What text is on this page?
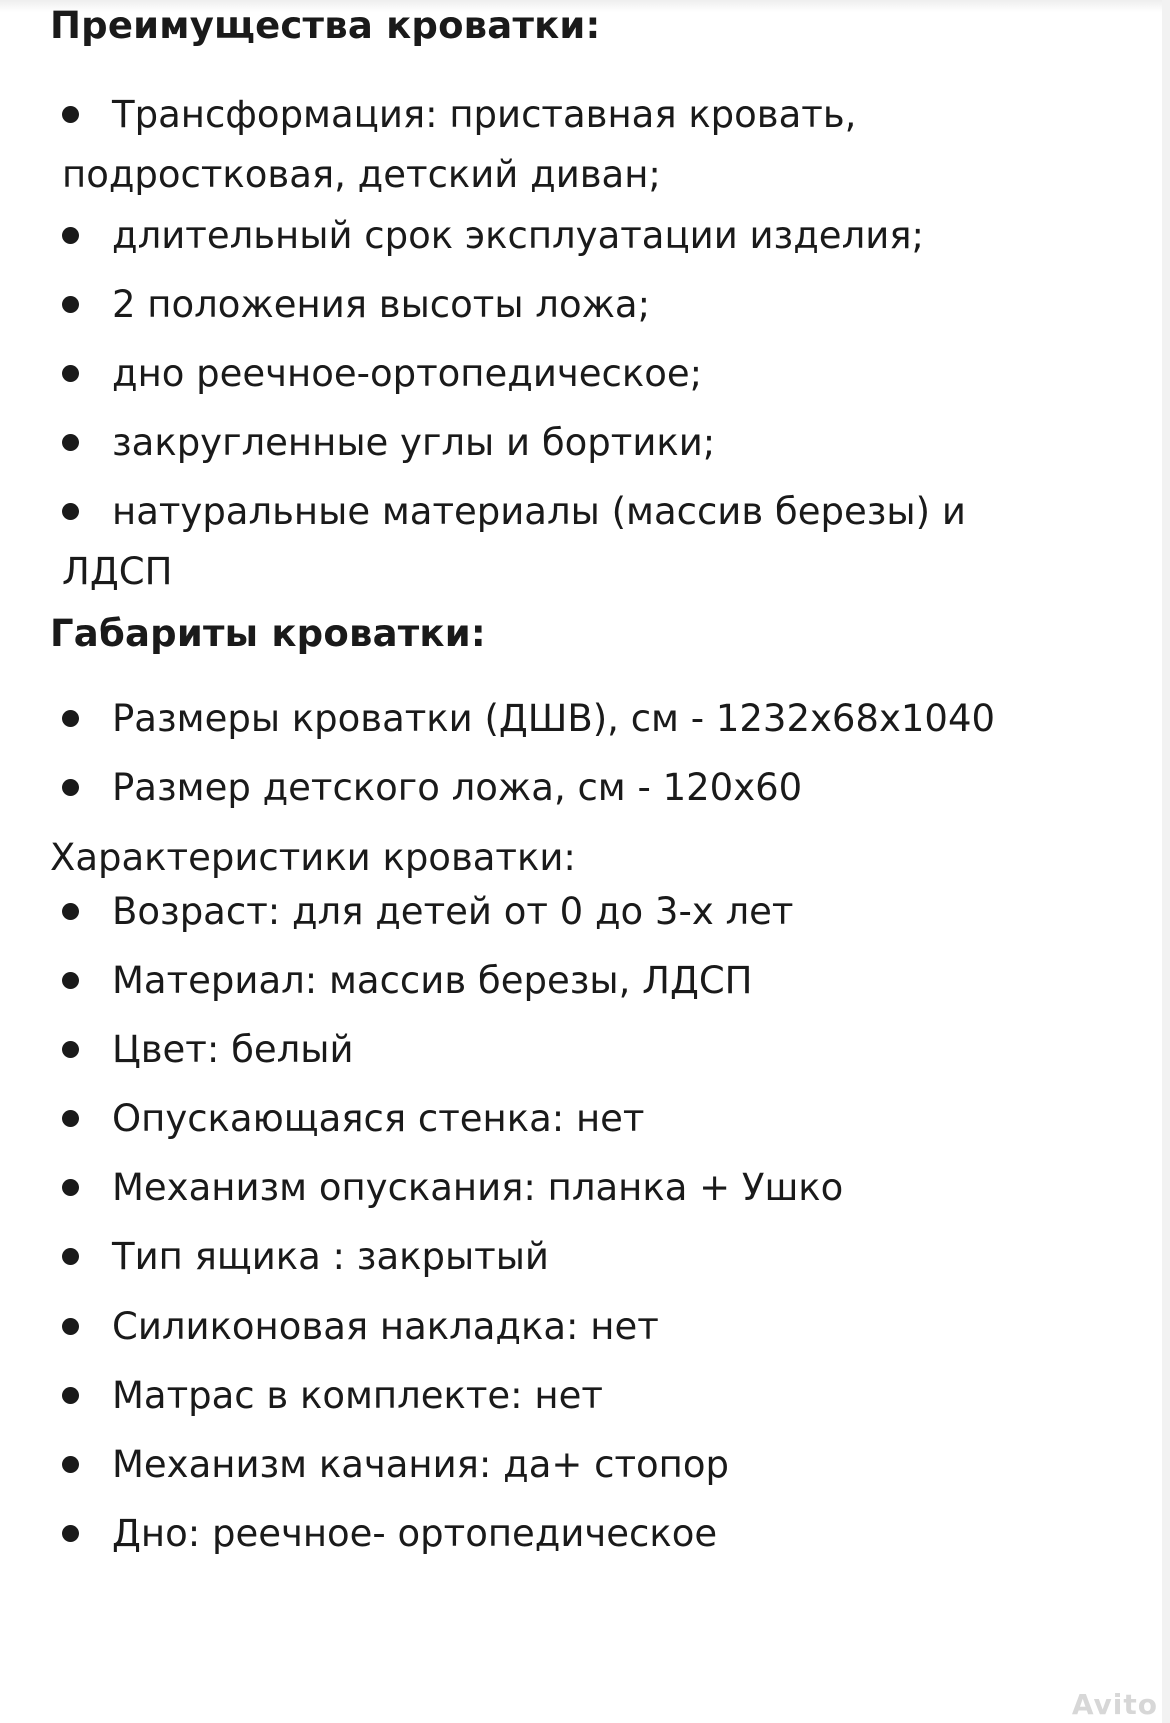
Преимущества кроватки:
Трансформация: приставная кровать, подростковая, детский диван;
длительный срок эксплуатации изделия;
2 положения высоты ложа;
дно реечное-ортопедическое;
закругленные углы и бортики;
натуральные материалы (массив березы) и ЛДСП
Габариты кроватки:
Размеры кроватки (ДШВ), см - 1232х68х1040
Размер детского ложа, см - 120х60
Характеристики кроватки:
Возраст: для детей от 0 до 3-х лет
Материал: массив березы, ЛДСП
Цвет: белый
Опускающаяся стенка: нет
Механизм опускания: планка + Ушко
Тип ящика : закрытый
Силиконовая накладка: нет
Матрас в комплекте: нет
Механизм качания: да+ стопор
Дно: реечное- ортопедическое
Avito
